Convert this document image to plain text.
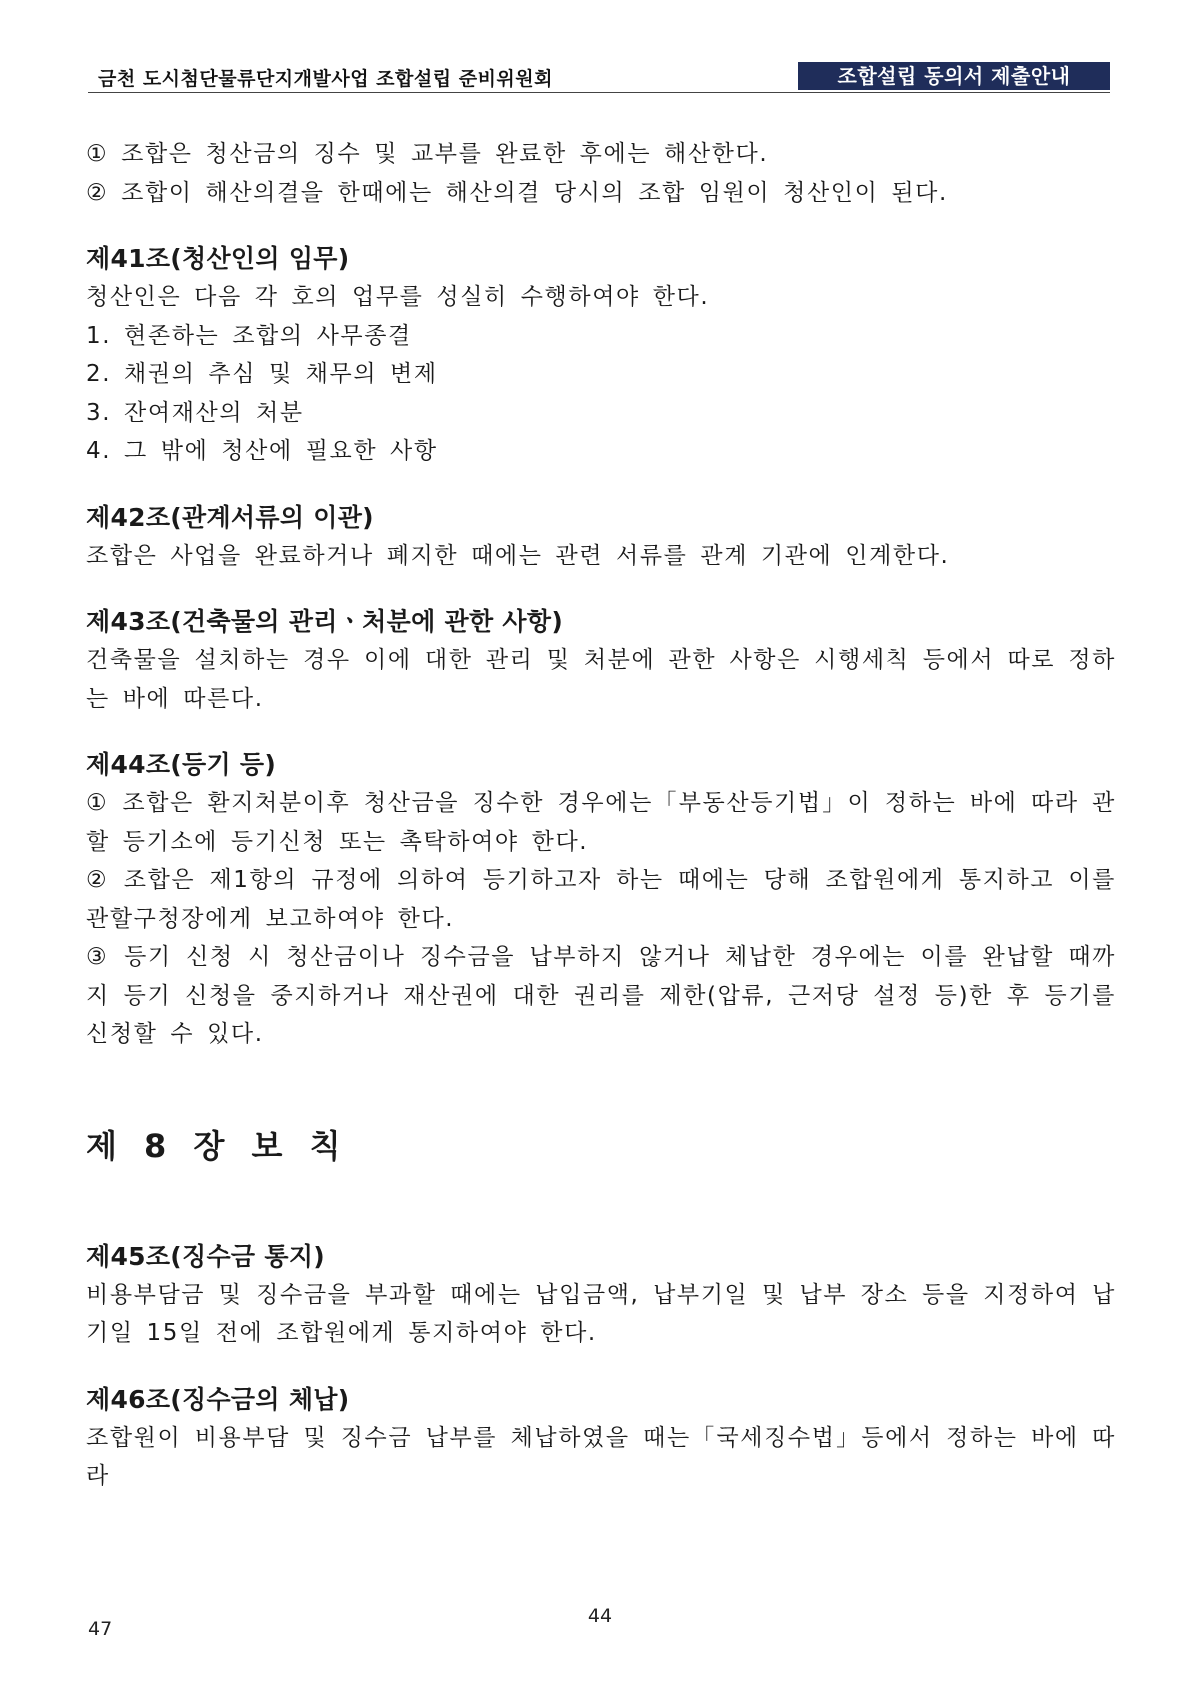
금천 도시첨단물류단지개발사업 조합설립 준비위원회	조합설립 동의서 제출안내

① 조합은 청산금의 징수 및 교부를 완료한 후에는 해산한다.

② 조합이 해산의결을 한때에는 해산의결 당시의 조합 임원이 청산인이 된다.

제41조(청산인의 임무)

청산인은 다음 각 호의 업무를 성실히 수행하여야 한다.

1. 현존하는 조합의 사무종결

2. 채권의 추심 및 채무의 변제

3. 잔여재산의 처분

4. 그 밖에 청산에 필요한 사항

제42조(관계서류의 이관)

조합은 사업을 완료하거나 폐지한 때에는 관련 서류를 관계 기관에 인계한다.

제43조(건축물의 관리ㆍ처분에 관한 사항)

건축물을 설치하는 경우 이에 대한 관리 및 처분에 관한 사항은 시행세칙 등에서 따로 정하는 바에 따른다.

제44조(등기 등)

① 조합은 환지처분이후 청산금을 징수한 경우에는「부동산등기법」이 정하는 바에 따라 관할 등기소에 등기신청 또는 촉탁하여야 한다.

② 조합은 제1항의 규정에 의하여 등기하고자 하는 때에는 당해 조합원에게 통지하고 이를 관할구청장에게 보고하여야 한다.

③ 등기 신청 시 청산금이나 징수금을 납부하지 않거나 체납한 경우에는 이를 완납할 때까지 등기 신청을 중지하거나 재산권에 대한 권리를 제한(압류, 근저당 설정 등)한 후 등기를 신청할 수 있다.

제 8 장 보 칙

제45조(징수금 통지)

비용부담금 및 징수금을 부과할 때에는 납입금액, 납부기일 및 납부 장소 등을 지정하여 납기일 15일 전에 조합원에게 통지하여야 한다.

제46조(징수금의 체납)

조합원이 비용부담 및 징수금 납부를 체납하였을 때는「국세징수법」등에서 정하는 바에 따라

44
47
